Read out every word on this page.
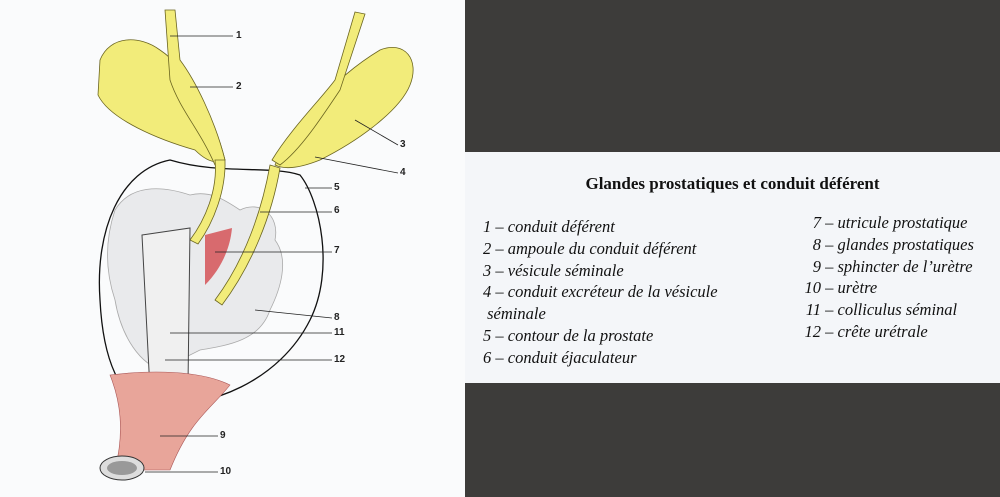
1
2
3
4
5
6
7
8
9
10
11
12
Glandes prostatiques et conduit déférent
1 – conduit déférent
2 – ampoule du conduit déférent
3 – vésicule séminale
4 – conduit excréteur de la vésicule
séminale
5 – contour de la prostate
6 – conduit éjaculateur
7 – utricule prostatique
8 – glandes prostatiques
9 – sphincter de l’urètre
10 – urètre
11 – colliculus séminal
12 – crête urétrale
